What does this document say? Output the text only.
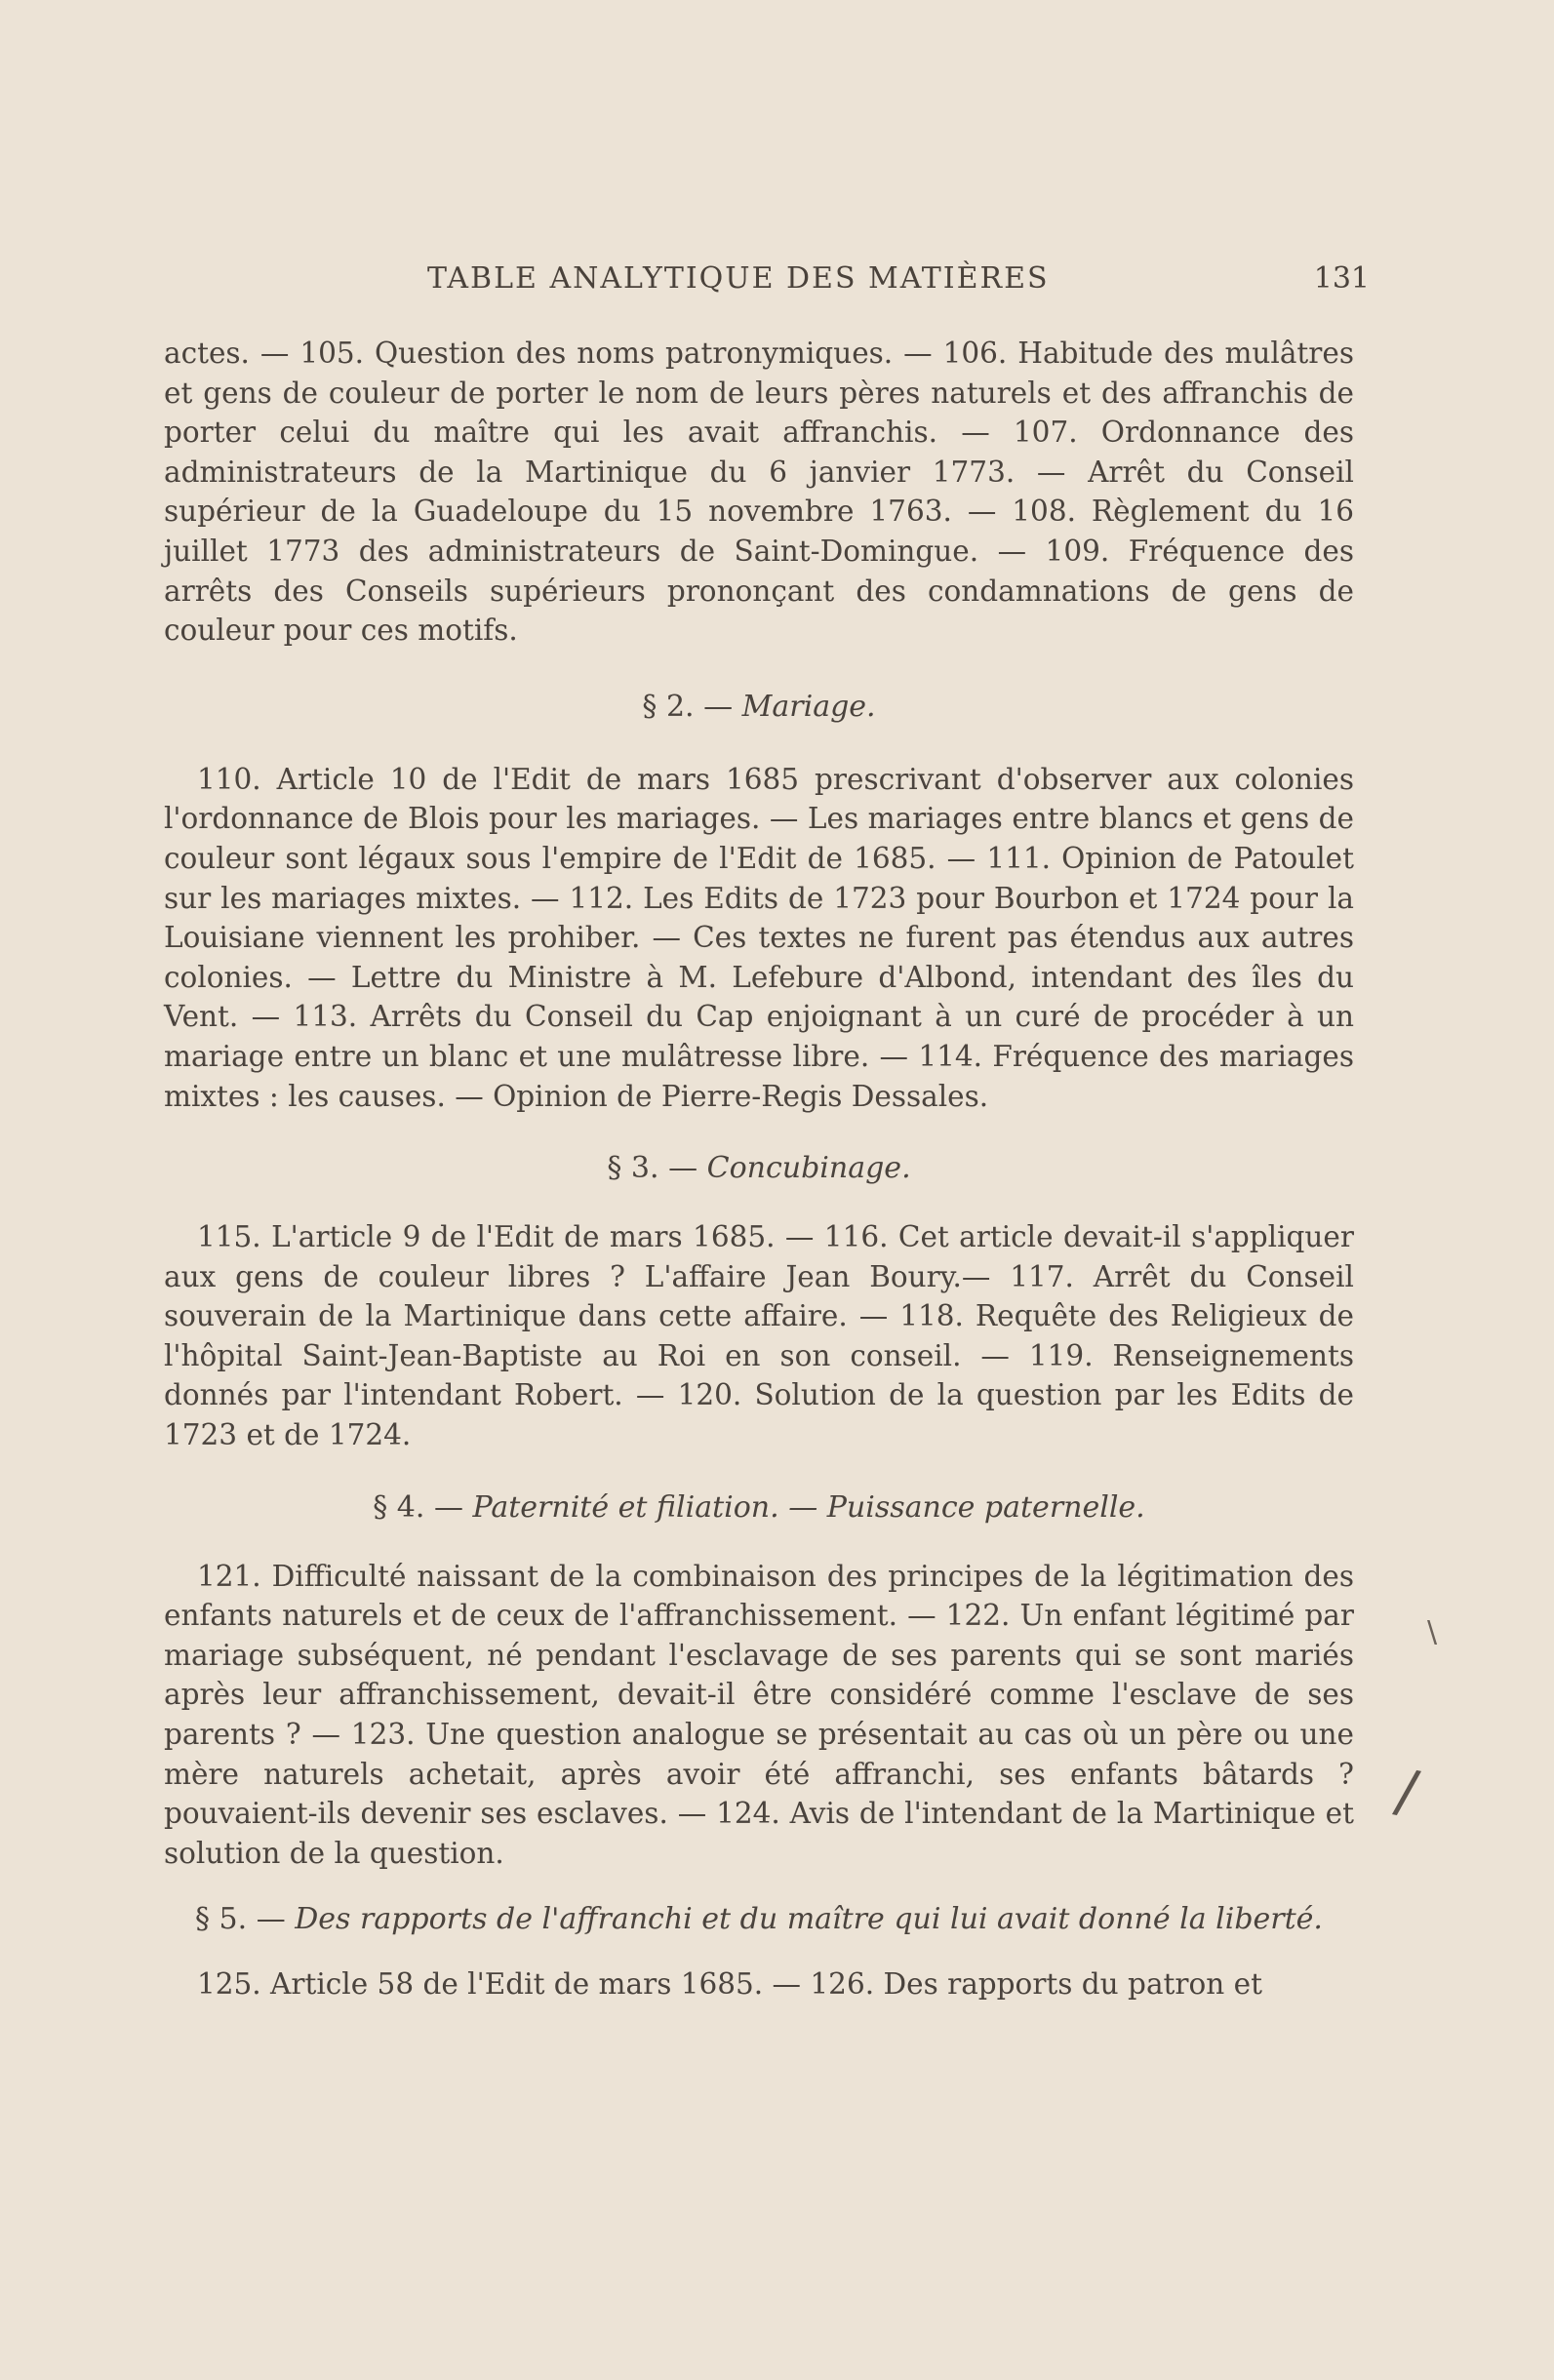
TABLE ANALYTIQUE DES MATIÈRES	131

actes. — 105. Question des noms patronymiques. — 106. Habitude des mulâtres et gens de couleur de porter le nom de leurs pères naturels et des affranchis de porter celui du maître qui les avait affranchis. — 107. Ordonnance des administrateurs de la Martinique du 6 janvier 1773. — Arrêt du Conseil supérieur de la Guadeloupe du 15 novembre 1763. — 108. Règlement du 16 juillet 1773 des administrateurs de Saint-Domingue. — 109. Fréquence des arrêts des Conseils supérieurs prononçant des condamnations de gens de couleur pour ces motifs.

§ 2. — Mariage.

110. Article 10 de l'Edit de mars 1685 prescrivant d'observer aux colonies l'ordonnance de Blois pour les mariages. — Les mariages entre blancs et gens de couleur sont légaux sous l'empire de l'Edit de 1685. — 111. Opinion de Patoulet sur les mariages mixtes. — 112. Les Edits de 1723 pour Bourbon et 1724 pour la Louisiane viennent les prohiber. — Ces textes ne furent pas étendus aux autres colonies. — Lettre du Ministre à M. Lefebure d'Albond, intendant des îles du Vent. — 113. Arrêts du Conseil du Cap enjoignant à un curé de procéder à un mariage entre un blanc et une mulâtresse libre. — 114. Fréquence des mariages mixtes : les causes. — Opinion de Pierre-Regis Dessales.

§ 3. — Concubinage.

115. L'article 9 de l'Edit de mars 1685. — 116. Cet article devait-il s'appliquer aux gens de couleur libres ? L'affaire Jean Boury.— 117. Arrêt du Conseil souverain de la Martinique dans cette affaire. — 118. Requête des Religieux de l'hôpital Saint-Jean-Baptiste au Roi en son conseil. — 119. Renseignements donnés par l'intendant Robert. — 120. Solution de la question par les Edits de 1723 et de 1724.

§ 4. — Paternité et filiation. — Puissance paternelle.

121. Difficulté naissant de la combinaison des principes de la légitimation des enfants naturels et de ceux de l'affranchissement. — 122. Un enfant légitimé par mariage subséquent, né pendant l'esclavage de ses parents qui se sont mariés après leur affranchissement, devait-il être considéré comme l'esclave de ses parents ? — 123. Une question analogue se présentait au cas où un père ou une mère naturels achetait, après avoir été affranchi, ses enfants bâtards ? pouvaient-ils devenir ses esclaves. — 124. Avis de l'intendant de la Martinique et solution de la question.

§ 5. — Des rapports de l'affranchi et du maître qui lui avait donné la liberté.

125. Article 58 de l'Edit de mars 1685. — 126. Des rapports du patron et

\
/
